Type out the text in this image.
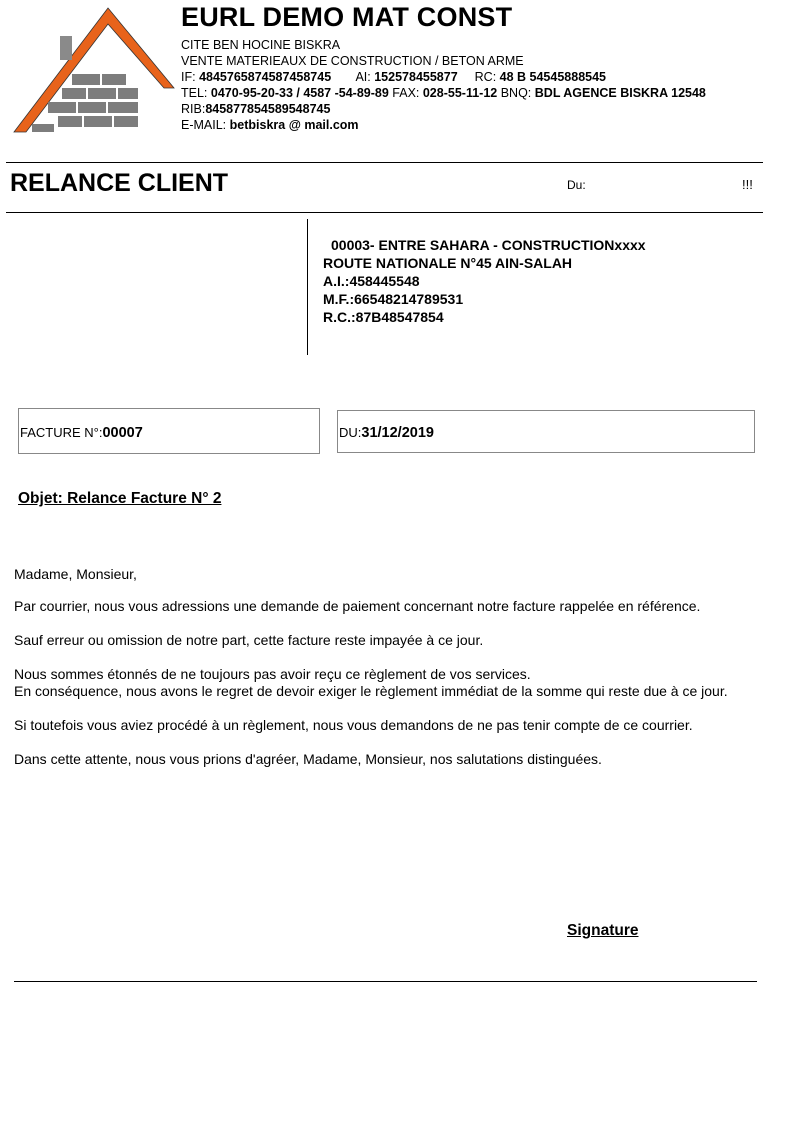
EURL DEMO MAT CONST
CITE BEN HOCINE BISKRA
VENTE MATERIEAUX DE CONSTRUCTION / BETON ARME
IF: 4845765874587458745 AI: 152578455877 RC: 48 B 54545888545
TEL: 0470-95-20-33 / 4587 -54-89-89 FAX: 028-55-11-12 BNQ: BDL AGENCE BISKRA 12548
RIB:845877854589548745
E-MAIL: betbiskra @ mail.com
RELANCE CLIENT	Du:	!!!
00003- ENTRE SAHARA - CONSTRUCTIONxxxx
ROUTE NATIONALE N°45 AIN-SALAH
A.I.:458445548
M.F.:66548214789531
R.C.:87B48547854
FACTURE N°:00007	DU:31/12/2019
Objet: Relance Facture N° 2
Madame, Monsieur,
Par courrier, nous vous adressions une demande de paiement concernant notre facture rappelée en référence.
Sauf erreur ou omission de notre part, cette facture reste impayée à ce jour.
Nous sommes étonnés de ne toujours pas avoir reçu ce règlement de vos services.
En conséquence, nous avons le regret de devoir exiger le règlement immédiat de la somme qui reste due à ce jour.
Si toutefois vous aviez procédé à un règlement, nous vous demandons de ne pas tenir compte de ce courrier.
Dans cette attente, nous vous prions d'agréer, Madame, Monsieur, nos salutations distinguées.
Signature
